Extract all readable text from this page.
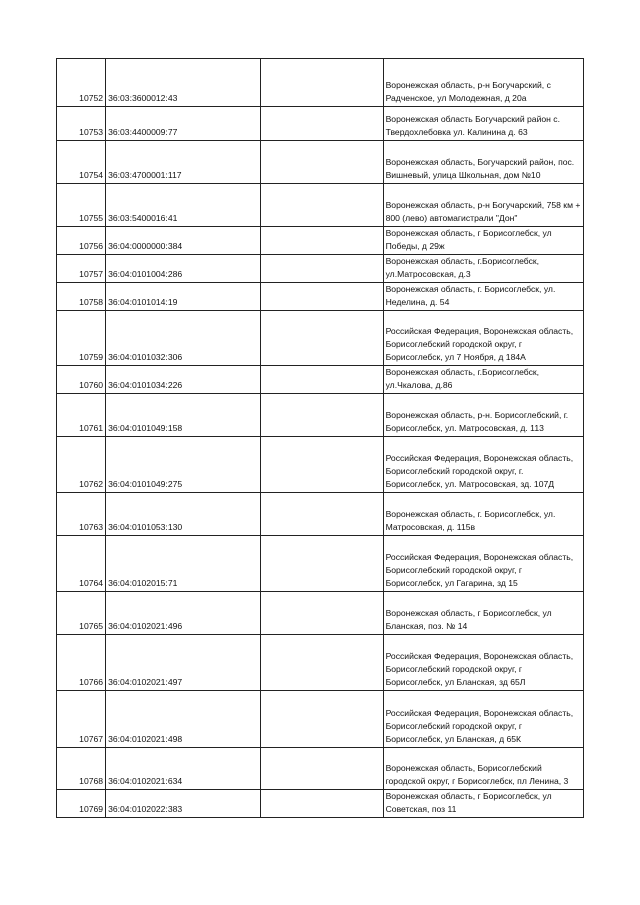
10752	36:03:3600012:43		Воронежская область, р-н Богучарский, с Радченское, ул Молодежная, д 20а
10753	36:03:4400009:77		Воронежская область Богучарский район с. Твердохлебовка ул. Калинина д. 63
10754	36:03:4700001:117		Воронежская область, Богучарский район, пос. Вишневый, улица Школьная, дом №10
10755	36:03:5400016:41		Воронежская область, р-н Богучарский, 758 км + 800 (лево) автомагистрали "Дон"
10756	36:04:0000000:384		Воронежская область, г Борисоглебск, ул Победы, д 29ж
10757	36:04:0101004:286		Воронежская область, г.Борисоглебск, ул.Матросовская, д.3
10758	36:04:0101014:19		Воронежская область, г. Борисоглебск, ул. Неделина, д. 54
10759	36:04:0101032:306		Российская Федерация, Воронежская область, Борисоглебский городской округ, г Борисоглебск, ул 7 Ноября, д 184А
10760	36:04:0101034:226		Воронежская область, г.Борисоглебск, ул.Чкалова, д.86
10761	36:04:0101049:158		Воронежская область, р-н. Борисоглебский, г. Борисоглебск, ул. Матросовская, д. 113
10762	36:04:0101049:275		Российская Федерация, Воронежская область, Борисоглебский городской округ, г. Борисоглебск, ул. Матросовская, зд. 107Д
10763	36:04:0101053:130		Воронежская область, г. Борисоглебск, ул. Матросовская, д. 115в
10764	36:04:0102015:71		Российская Федерация, Воронежская область, Борисоглебский городской округ, г Борисоглебск, ул Гагарина, зд 15
10765	36:04:0102021:496		Воронежская область, г Борисоглебск, ул Бланская, поз. № 14
10766	36:04:0102021:497		Российская Федерация, Воронежская область, Борисоглебский городской округ, г Борисоглебск, ул Бланская, зд 65Л
10767	36:04:0102021:498		Российская Федерация, Воронежская область, Борисоглебский городской округ, г Борисоглебск, ул Бланская, д 65К
10768	36:04:0102021:634		Воронежская область, Борисоглебский городской округ, г Борисоглебск, пл Ленина, 3
10769	36:04:0102022:383		Воронежская область, г Борисоглебск, ул Советская, поз 11
